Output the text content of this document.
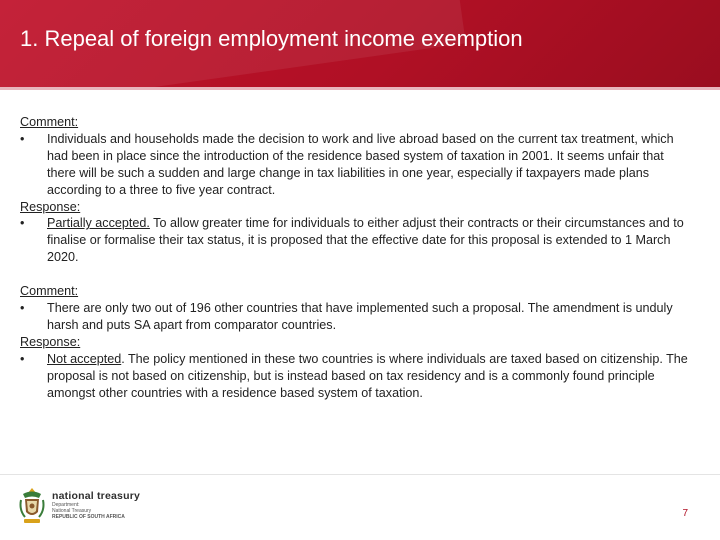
1. Repeal of foreign employment income exemption

Comment:

•	Individuals and households made the decision to work and live abroad based on the current tax treatment, which had been in place since the introduction of the residence based system of taxation in 2001. It seems unfair that there will be such a sudden and large change in tax liabilities in one year, especially if taxpayers made plans according to a three to five year contract.

Response:

•	Partially accepted. To allow greater time for individuals to either adjust their contracts or their circumstances and to finalise or formalise their tax status, it is proposed that the effective date for this proposal is extended to 1 March 2020.

Comment:

•	There are only two out of 196 other countries that have implemented such a proposal. The amendment is unduly harsh and puts SA apart from comparator countries.

Response:

•	Not accepted. The policy mentioned in these two countries is where individuals are taxed based on citizenship. The proposal is not based on citizenship, but is instead based on tax residency and is a commonly found principle amongst other countries with a residence based system of taxation.
national treasury
Department:
National Treasury
REPUBLIC OF SOUTH AFRICA	7
